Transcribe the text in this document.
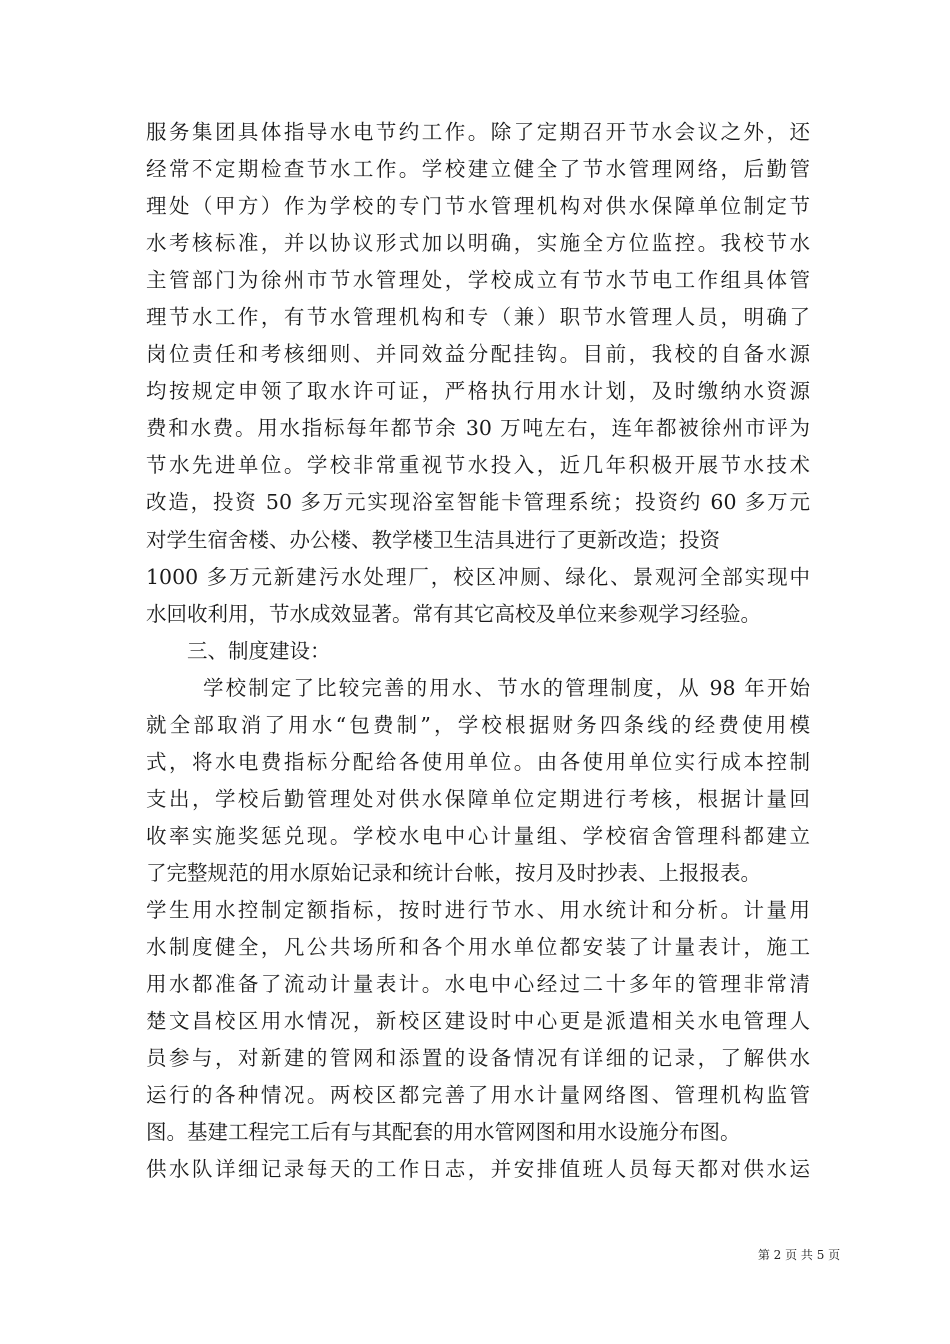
服务集团具体指导水电节约工作。除了定期召开节水会议之外，还
经常不定期检查节水工作。学校建立健全了节水管理网络，后勤管
理处（甲方）作为学校的专门节水管理机构对供水保障单位制定节
水考核标准，并以协议形式加以明确，实施全方位监控。我校节水
主管部门为徐州市节水管理处，学校成立有节水节电工作组具体管
理节水工作，有节水管理机构和专（兼）职节水管理人员，明确了
岗位责任和考核细则、并同效益分配挂钩。目前，我校的自备水源
均按规定申领了取水许可证，严格执行用水计划，及时缴纳水资源
费和水费。用水指标每年都节余 30 万吨左右，连年都被徐州市评为
节水先进单位。学校非常重视节水投入，近几年积极开展节水技术
改造，投资 50 多万元实现浴室智能卡管理系统；投资约 60 多万元
对学生宿舍楼、办公楼、教学楼卫生洁具进行了更新改造；投资
1000 多万元新建污水处理厂，校区冲厕、绿化、景观河全部实现中
水回收利用，节水成效显著。常有其它高校及单位来参观学习经验。
三、制度建设：
学校制定了比较完善的用水、节水的管理制度，从 98 年开始
就全部取消了用水“包费制”，学校根据财务四条线的经费使用模
式，将水电费指标分配给各使用单位。由各使用单位实行成本控制
支出，学校后勤管理处对供水保障单位定期进行考核，根据计量回
收率实施奖惩兑现。学校水电中心计量组、学校宿舍管理科都建立
了完整规范的用水原始记录和统计台帐，按月及时抄表、上报报表。
学生用水控制定额指标，按时进行节水、用水统计和分析。计量用
水制度健全，凡公共场所和各个用水单位都安装了计量表计，施工
用水都准备了流动计量表计。水电中心经过二十多年的管理非常清
楚文昌校区用水情况，新校区建设时中心更是派遣相关水电管理人
员参与，对新建的管网和添置的设备情况有详细的记录，了解供水
运行的各种情况。两校区都完善了用水计量网络图、管理机构监管
图。基建工程完工后有与其配套的用水管网图和用水设施分布图。
供水队详细记录每天的工作日志，并安排值班人员每天都对供水运
第 2 页 共 5 页
